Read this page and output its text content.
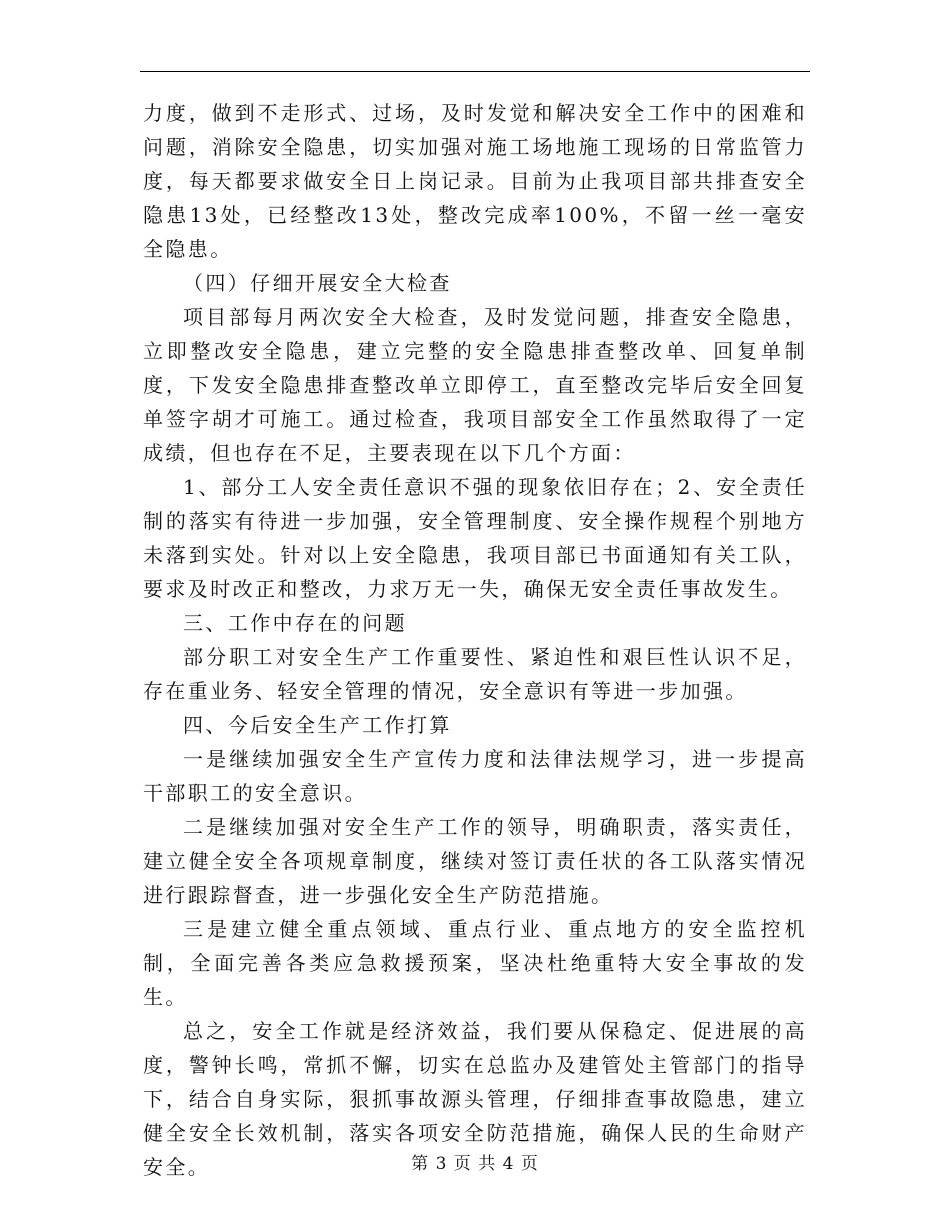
力度，做到不走形式、过场，及时发觉和解决安全工作中的困难和问题，消除安全隐患，切实加强对施工场地施工现场的日常监管力度，每天都要求做安全日上岗记录。目前为止我项目部共排查安全隐患13处，已经整改13处，整改完成率100%，不留一丝一毫安全隐患。

（四）仔细开展安全大检查

项目部每月两次安全大检查，及时发觉问题，排查安全隐患，立即整改安全隐患，建立完整的安全隐患排查整改单、回复单制度，下发安全隐患排查整改单立即停工，直至整改完毕后安全回复单签字胡才可施工。通过检查，我项目部安全工作虽然取得了一定成绩，但也存在不足，主要表现在以下几个方面：

1、部分工人安全责任意识不强的现象依旧存在；2、安全责任制的落实有待进一步加强，安全管理制度、安全操作规程个别地方未落到实处。针对以上安全隐患，我项目部已书面通知有关工队，要求及时改正和整改，力求万无一失，确保无安全责任事故发生。

三、工作中存在的问题

部分职工对安全生产工作重要性、紧迫性和艰巨性认识不足，存在重业务、轻安全管理的情况，安全意识有等进一步加强。

四、今后安全生产工作打算

一是继续加强安全生产宣传力度和法律法规学习，进一步提高干部职工的安全意识。

二是继续加强对安全生产工作的领导，明确职责，落实责任，建立健全安全各项规章制度，继续对签订责任状的各工队落实情况进行跟踪督查，进一步强化安全生产防范措施。

三是建立健全重点领域、重点行业、重点地方的安全监控机制，全面完善各类应急救援预案，坚决杜绝重特大安全事故的发生。

总之，安全工作就是经济效益，我们要从保稳定、促进展的高度，警钟长鸣，常抓不懈，切实在总监办及建管处主管部门的指导下，结合自身实际，狠抓事故源头管理，仔细排查事故隐患，建立健全安全长效机制，落实各项安全防范措施，确保人民的生命财产安全。	第 3 页 共 4 页
